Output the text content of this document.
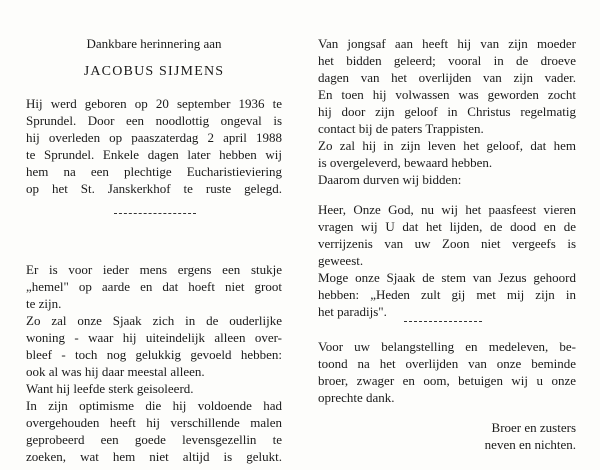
Dankbare herinnering aan
JACOBUS SIJMENS
Hij werd geboren op 20 september 1936 te
Sprundel. Door een noodlottig ongeval is
hij overleden op paaszaterdag 2 april 1988
te Sprundel. Enkele dagen later hebben wij
hem na een plechtige Eucharistieviering
op het St. Janskerkhof te ruste gelegd.
Er is voor ieder mens ergens een stukje
„hemel" op aarde en dat hoeft niet groot
te zijn.
Zo zal onze Sjaak zich in de ouderlijke
woning - waar hij uiteindelijk alleen over-
bleef - toch nog gelukkig gevoeld hebben:
ook al was hij daar meestal alleen.
Want hij leefde sterk geisoleerd.
In zijn optimisme die hij voldoende had
overgehouden heeft hij verschillende malen
geprobeerd een goede levensgezellin te
zoeken, wat hem niet altijd is gelukt.
Van jongsaf aan heeft hij van zijn moeder
het bidden geleerd; vooral in de droeve
dagen van het overlijden van zijn vader.
En toen hij volwassen was geworden zocht
hij door zijn geloof in Christus regelmatig
contact bij de paters Trappisten.
Zo zal hij in zijn leven het geloof, dat hem
is overgeleverd, bewaard hebben.
Daarom durven wij bidden:
Heer, Onze God, nu wij het paasfeest vieren
vragen wij U dat het lijden, de dood en de
verrijzenis van uw Zoon niet vergeefs is
geweest.
Moge onze Sjaak de stem van Jezus gehoord
hebben: „Heden zult gij met mij zijn in
het paradijs".
Voor uw belangstelling en medeleven, be-
toond na het overlijden van onze beminde
broer, zwager en oom, betuigen wij u onze
oprechte dank.
Broer en zusters
neven en nichten.
